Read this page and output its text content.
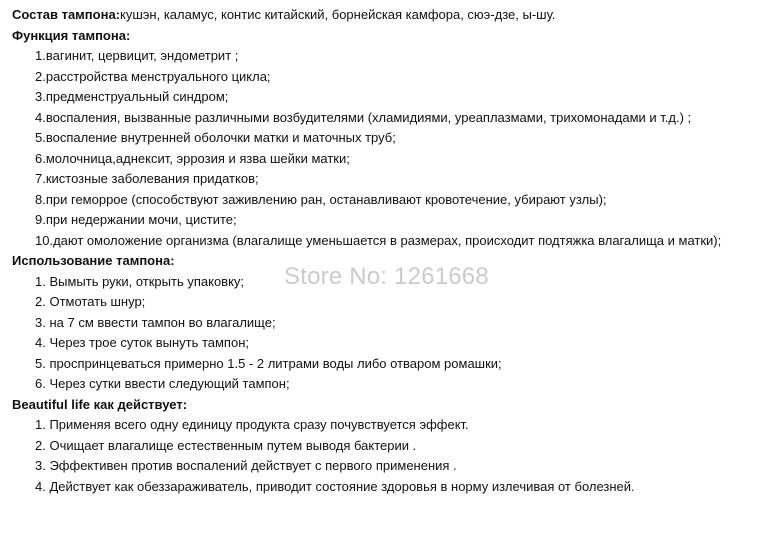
Состав тампона:кушэн, каламус, контис китайский, борнейская камфора, сюэ-дзе, ы-шу.
Функция тампона:
1.вагинит, цервицит, эндометрит ;
2.расстройства менструального цикла;
3.предменструальный синдром;
4.воспаления, вызванные различными возбудителями (хламидиями, уреаплазмами, трихомонадами и т.д.) ;
5.воспаление внутренней оболочки матки и маточных труб;
6.молочница,аднексит, эррозия и язва шейки матки;
7.кистозные заболевания придатков;
8.при геморрое (способствуют заживлению ран, останавливают кровотечение, убирают узлы);
9.при недержании мочи, цистите;
10.дают омоложение организма (влагалище уменьшается в размерах, происходит подтяжка влагалища и матки);
Использование тампона:
1. Вымыть руки, открыть упаковку;
2. Отмотать шнур;
3. на 7 см ввести тампон во влагалище;
4. Через трое суток вынуть тампон;
5. проспринцеваться примерно 1.5 - 2 литрами воды либо отваром ромашки;
6. Через сутки ввести следующий тампон;
Beautiful life как действует:
1. Применяя всего одну единицу продукта сразу почувствуется эффект.
2. Очищает влагалище естественным путем выводя бактерии .
3. Эффективен против воспалений действует с первого применения .
4. Действует как обеззараживатель, приводит состояние здоровья в норму излечивая от болезней.
Store No: 1261668
